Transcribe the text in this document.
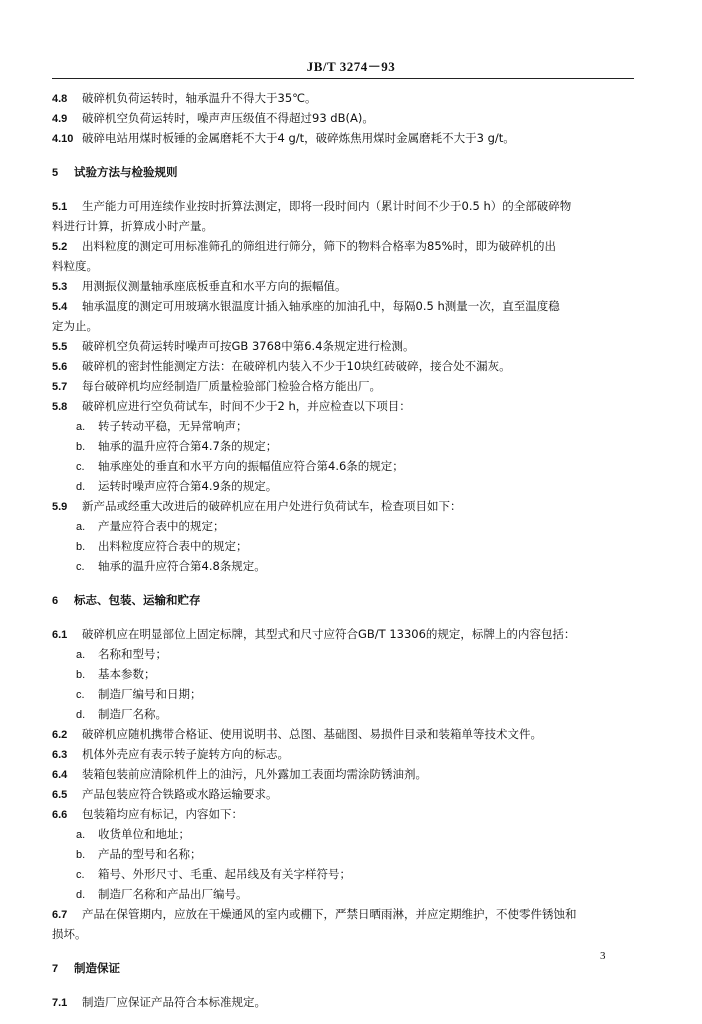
JB/T 3274－93
4.8 破碎机负荷运转时，轴承温升不得大于35℃。
4.9 破碎机空负荷运转时，噪声声压级值不得超过93 dB(A)。
4.10 破碎电站用煤时板锤的金属磨耗不大于4 g/t，破碎炼焦用煤时金属磨耗不大于3 g/t。
5 试验方法与检验规则
5.1 生产能力可用连续作业按时折算法测定，即将一段时间内（累计时间不少于0.5 h）的全部破碎物
料进行计算，折算成小时产量。
5.2 出料粒度的测定可用标准筛孔的筛组进行筛分，筛下的物料合格率为85%时，即为破碎机的出
料粒度。
5.3 用测振仪测量轴承座底板垂直和水平方向的振幅值。
5.4 轴承温度的测定可用玻璃水银温度计插入轴承座的加油孔中，每隔0.5 h测量一次，直至温度稳
定为止。
5.5 破碎机空负荷运转时噪声可按GB 3768中第6.4条规定进行检测。
5.6 破碎机的密封性能测定方法：在破碎机内装入不少于10块红砖破碎，接合处不漏灰。
5.7 每台破碎机均应经制造厂质量检验部门检验合格方能出厂。
5.8 破碎机应进行空负荷试车，时间不少于2 h，并应检查以下项目：
a. 转子转动平稳，无异常响声；
b. 轴承的温升应符合第4.7条的规定；
c. 轴承座处的垂直和水平方向的振幅值应符合第4.6条的规定；
d. 运转时噪声应符合第4.9条的规定。
5.9 新产品或经重大改进后的破碎机应在用户处进行负荷试车，检查项目如下：
a. 产量应符合表中的规定；
b. 出料粒度应符合表中的规定；
c. 轴承的温升应符合第4.8条规定。
6 标志、包装、运输和贮存
6.1 破碎机应在明显部位上固定标牌，其型式和尺寸应符合GB/T 13306的规定，标牌上的内容包括：
a. 名称和型号；
b. 基本参数；
c. 制造厂编号和日期；
d. 制造厂名称。
6.2 破碎机应随机携带合格证、使用说明书、总图、基础图、易损件目录和装箱单等技术文件。
6.3 机体外壳应有表示转子旋转方向的标志。
6.4 装箱包装前应清除机件上的油污，凡外露加工表面均需涂防锈油剂。
6.5 产品包装应符合铁路或水路运输要求。
6.6 包装箱均应有标记，内容如下：
a. 收货单位和地址；
b. 产品的型号和名称；
c. 箱号、外形尺寸、毛重、起吊线及有关字样符号；
d. 制造厂名称和产品出厂编号。
6.7 产品在保管期内，应放在干燥通风的室内或棚下，严禁日晒雨淋，并应定期维护，不使零件锈蚀和
损坏。
7 制造保证
7.1 制造厂应保证产品符合本标准规定。
3
